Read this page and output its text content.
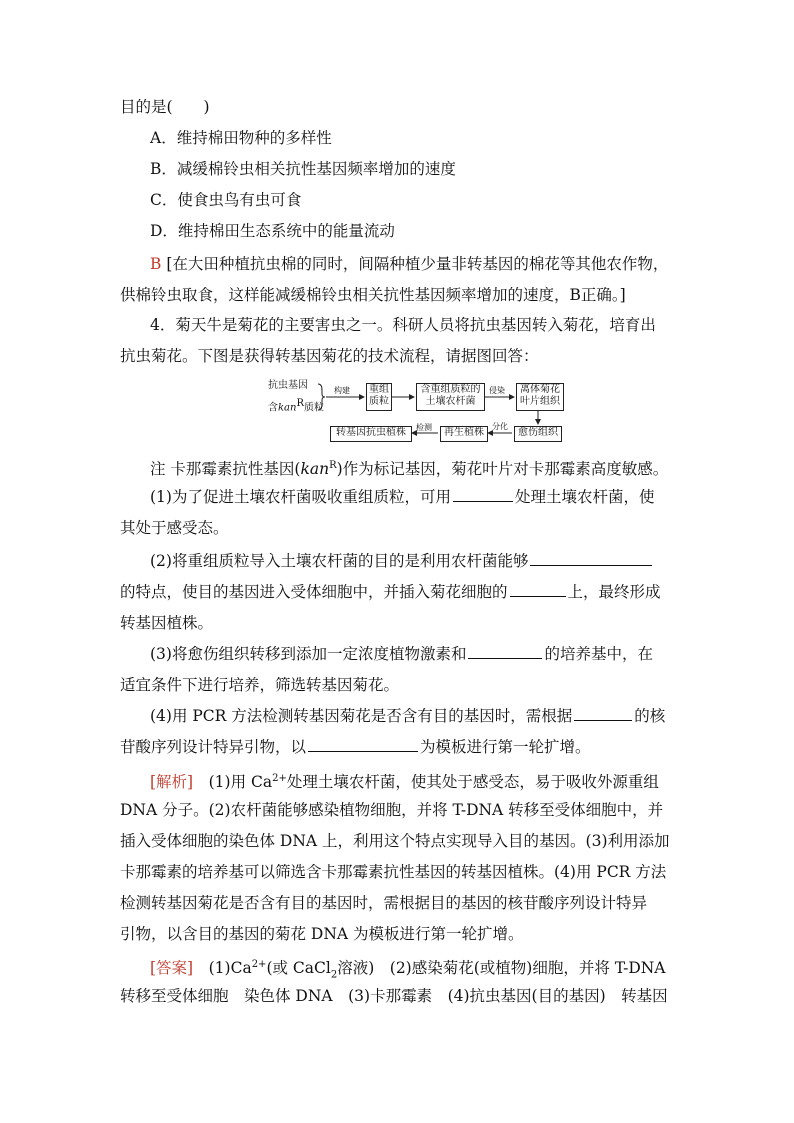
目的是(　　)
A．维持棉田物种的多样性
B．减缓棉铃虫相关抗性基因频率增加的速度
C．使食虫鸟有虫可食
D．维持棉田生态系统中的能量流动
B [在大田种植抗虫棉的同时，间隔种植少量非转基因的棉花等其他农作物，
供棉铃虫取食，这样能减缓棉铃虫相关抗性基因频率增加的速度，B正确。]
4．菊天牛是菊花的主要害虫之一。科研人员将抗虫基因转入菊花，培育出
抗虫菊花。下图是获得转基因菊花的技术流程，请据图回答：
抗虫基因
含kan$^R$质粒
构建 重组
质粒
含重组质粒的
土壤农杆菌
侵染	离体菊花
叶片组织
愈伤组织
分化
再生植株
检测
转基因抗虫植株
注 卡那霉素抗性基因(kan$^R$)作为标记基因，菊花叶片对卡那霉素高度敏感。
(1)为了促进土壤农杆菌吸收重组质粒，可用	处理土壤农杆菌，使
其处于感受态。
(2)将重组质粒导入土壤农杆菌的目的是利用农杆菌能够
的特点，使目的基因进入受体细胞中，并插入菊花细胞的	上，最终形成
转基因植株。
(3)将愈伤组织转移到添加一定浓度植物激素和	的培养基中，在
适宜条件下进行培养，筛选转基因菊花。
(4)用 PCR 方法检测转基因菊花是否含有目的基因时，需根据	的核
苷酸序列设计特异引物，以	为模板进行第一轮扩增。
[解析]　 (1)用 $Ca^{2+}$处理土壤农杆菌，使其处于感受态，易于吸收外源重组
DNA 分子。(2)农杆菌能够感染植物细胞，并将 T-DNA 转移至受体细胞中，并
插入受体细胞的染色体 DNA 上，利用这个特点实现导入目的基因。(3)利用添加
卡那霉素的培养基可以筛选含卡那霉素抗性基因的转基因植株。(4)用 PCR 方法
检测转基因菊花是否含有目的基因时，需根据目的基因的核苷酸序列设计特异
引物，以含目的基因的菊花 DNA 为模板进行第一轮扩增。
[答案]　 $(1)Ca^{2+}$(或 CaCl$_2$溶液)　(2)感染菊花(或植物)细胞，并将 T-DNA
转移至受体细胞　染色体 DNA　(3)卡那霉素　(4)抗虫基因(目的基因)　转基因
